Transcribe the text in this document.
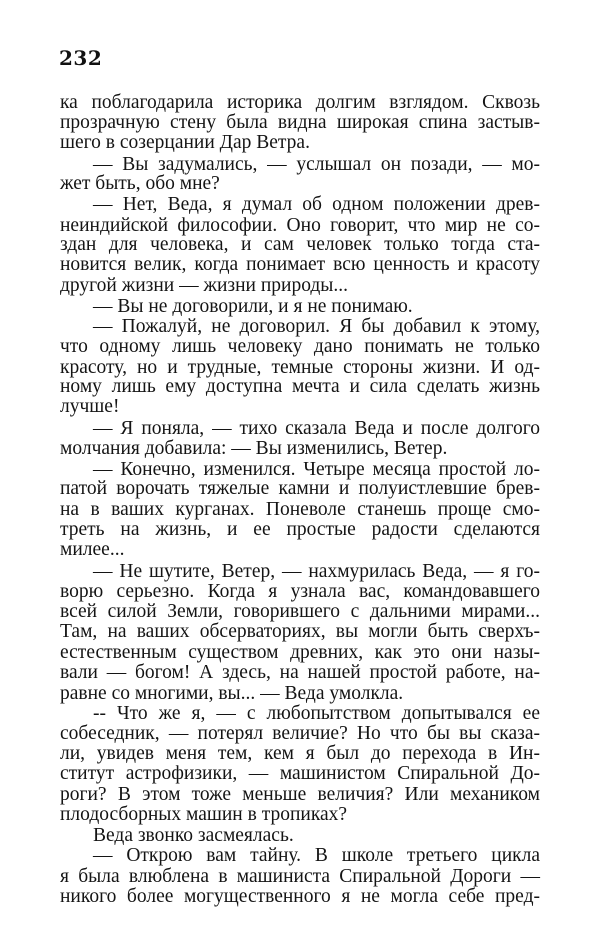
232
ка поблагодарила историка долгим взглядом. Сквозь
прозрачную стену была видна широкая спина застыв-
шего в созерцании Дар Ветра.
— Вы задумались, — услышал он позади, — мо-
жет быть, обо мне?
— Нет, Веда, я думал об одном положении древ-
неиндийской философии. Оно говорит, что мир не со-
здан для человека, и сам человек только тогда ста-
новится велик, когда понимает всю ценность и красоту
другой жизни — жизни природы...
— Вы не договорили, и я не понимаю.
— Пожалуй, не договорил. Я бы добавил к этому,
что одному лишь человеку дано понимать не только
красоту, но и трудные, темные стороны жизни. И од-
ному лишь ему доступна мечта и сила сделать жизнь
лучше!
— Я поняла, — тихо сказала Веда и после долгого
молчания добавила: — Вы изменились, Ветер.
— Конечно, изменился. Четыре месяца простой ло-
патой ворочать тяжелые камни и полуистлевшие брев-
на в ваших курганах. Поневоле станешь проще смо-
треть на жизнь, и ее простые радости сделаются
милее...
— Не шутите, Ветер, — нахмурилась Веда, — я го-
ворю серьезно. Когда я узнала вас, командовавшего
всей силой Земли, говорившего с дальними мирами...
Там, на ваших обсерваториях, вы могли быть сверхъ-
естественным существом древних, как это они назы-
вали — богом! А здесь, на нашей простой работе, на-
равне со многими, вы... — Веда умолкла.
-- Что же я, — с любопытством допытывался ее
собеседник, — потерял величие? Но что бы вы сказа-
ли, увидев меня тем, кем я был до перехода в Ин-
ститут астрофизики, — машинистом Спиральной До-
роги? В этом тоже меньше величия? Или механиком
плодосборных машин в тропиках?
Веда звонко засмеялась.
— Открою вам тайну. В школе третьего цикла
я была влюблена в машиниста Спиральной Дороги —
никого более могущественного я не могла себе пред-
